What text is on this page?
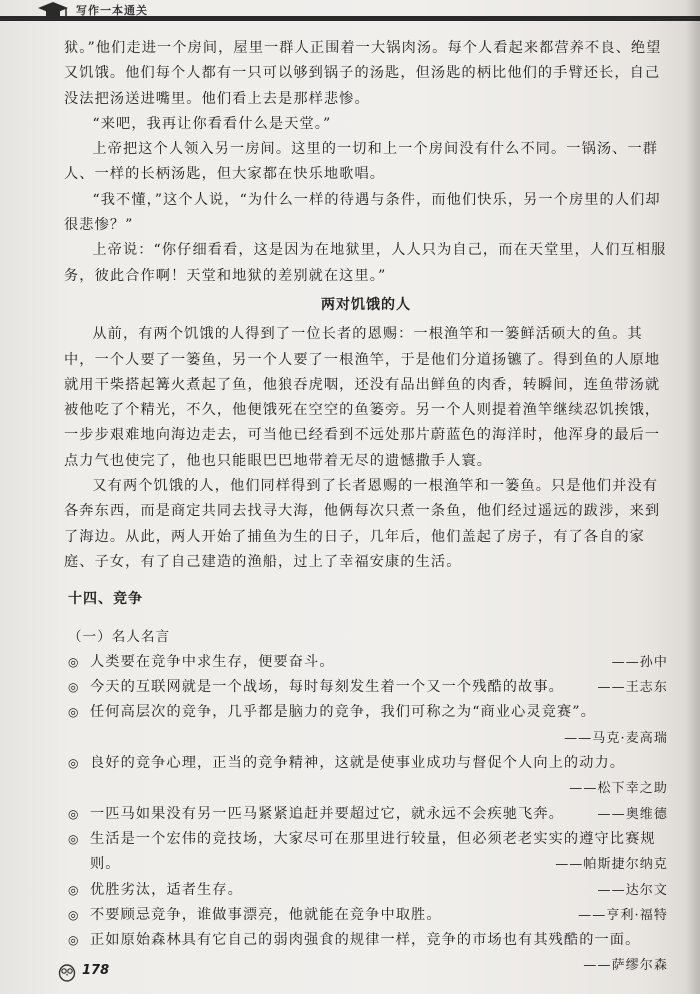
写作一本通关

狱。”他们走进一个房间，屋里一群人正围着一大锅肉汤。每个人看起来都营养不良、绝望又饥饿。他们每个人都有一只可以够到锅子的汤匙，但汤匙的柄比他们的手臂还长，自己没法把汤送进嘴里。他们看上去是那样悲惨。

“来吧，我再让你看看什么是天堂。”

上帝把这个人领入另一房间。这里的一切和上一个房间没有什么不同。一锅汤、一群人、一样的长柄汤匙，但大家都在快乐地歌唱。

“我不懂，”这个人说，“为什么一样的待遇与条件，而他们快乐，另一个房里的人们却很悲惨？”

上帝说：“你仔细看看，这是因为在地狱里，人人只为自己，而在天堂里，人们互相服务，彼此合作啊！天堂和地狱的差别就在这里。”

两对饥饿的人

从前，有两个饥饿的人得到了一位长者的恩赐：一根渔竿和一篓鲜活硕大的鱼。其中，一个人要了一篓鱼，另一个人要了一根渔竿，于是他们分道扬镳了。得到鱼的人原地就用干柴搭起篝火煮起了鱼，他狼吞虎咽，还没有品出鲜鱼的肉香，转瞬间，连鱼带汤就被他吃了个精光，不久，他便饿死在空空的鱼篓旁。另一个人则提着渔竿继续忍饥挨饿，一步步艰难地向海边走去，可当他已经看到不远处那片蔚蓝色的海洋时，他浑身的最后一点力气也使完了，他也只能眼巴巴地带着无尽的遗憾撒手人寰。

又有两个饥饿的人，他们同样得到了长者恩赐的一根渔竿和一篓鱼。只是他们并没有各奔东西，而是商定共同去找寻大海，他俩每次只煮一条鱼，他们经过遥远的跋涉，来到了海边。从此，两人开始了捕鱼为生的日子，几年后，他们盖起了房子，有了各自的家庭、子女，有了自己建造的渔船，过上了幸福安康的生活。

十四、竞争

（一）名人名言

◎ 人类要在竞争中求生存，便要奋斗。	——孙中

◎ 今天的互联网就是一个战场，每时每刻发生着一个又一个残酷的故事。	——王志东

◎ 任何高层次的竞争，几乎都是脑力的竞争，我们可称之为“商业心灵竞赛”。

——马克·麦高瑞

◎ 良好的竞争心理，正当的竞争精神，这就是使事业成功与督促个人向上的动力。

——松下幸之助

◎ 一匹马如果没有另一匹马紧紧追赶并要超过它，就永远不会疾驰飞奔。	——奥维德

◎ 生活是一个宏伟的竞技场，大家尽可在那里进行较量，但必须老老实实的遵守比赛规则。	——帕斯捷尔纳克

◎ 优胜劣汰，适者生存。	——达尔文

◎ 不要顾忌竞争，谁做事漂亮，他就能在竞争中取胜。	——亨利·福特

◎ 正如原始森林具有它自己的弱肉强食的规律一样，竞争的市场也有其残酷的一面。

——萨缪尔森

178
